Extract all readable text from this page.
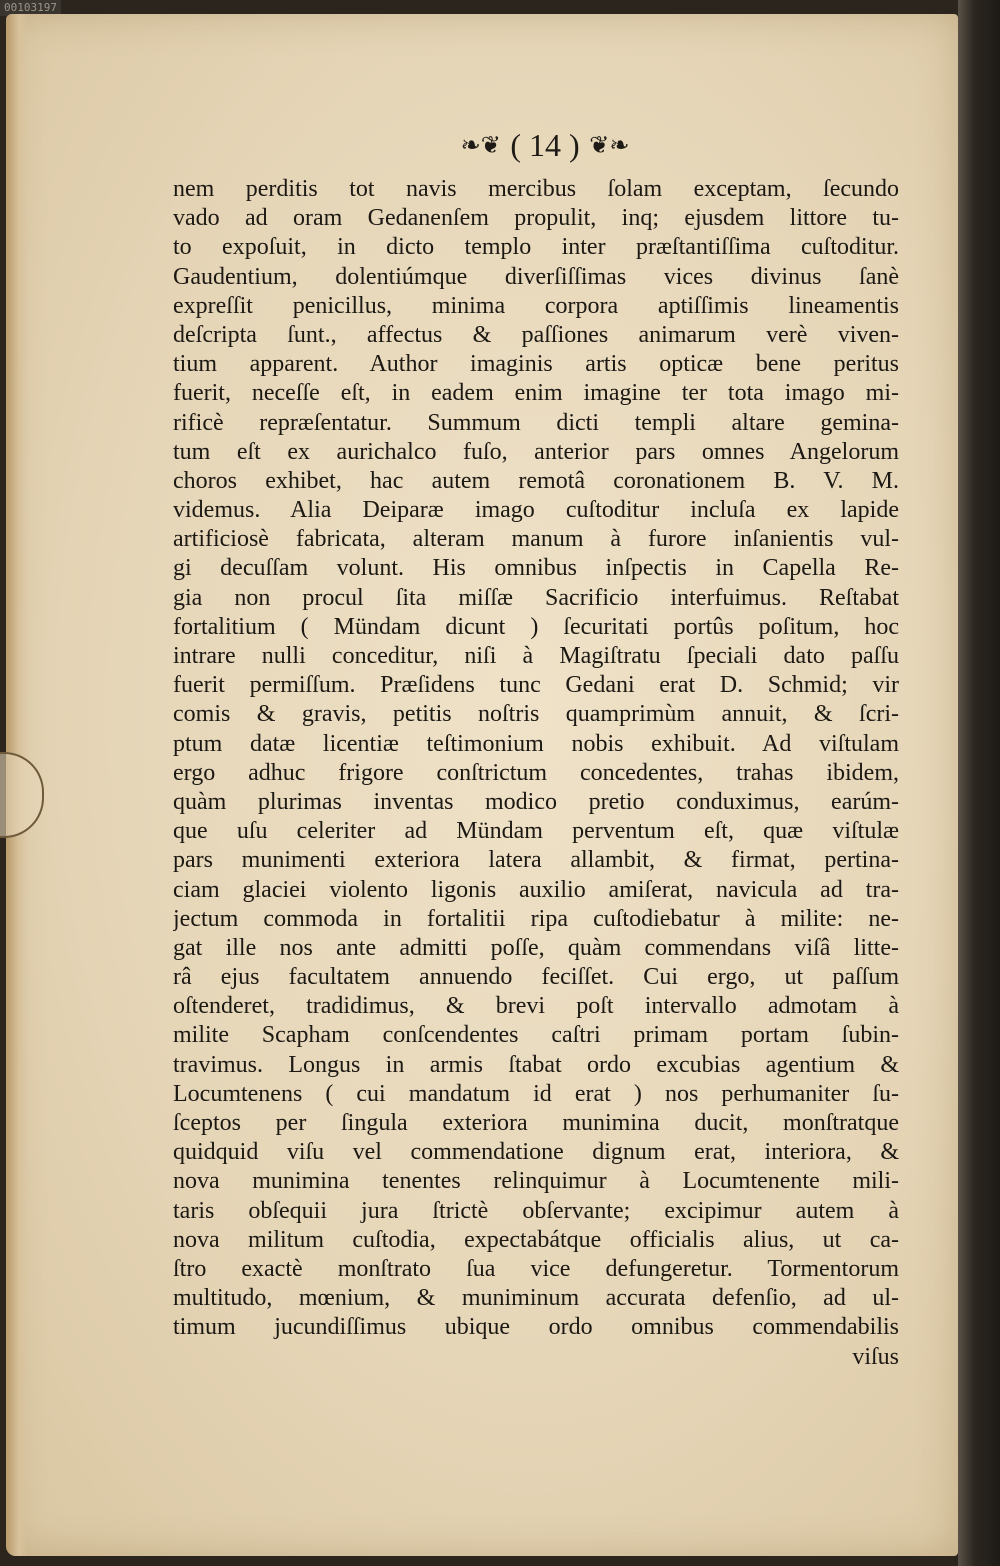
00103197
❧❦ ( 14 ) ❦❧
nem perditis tot navis mercibus ſolam exceptam, ſecundo
vado ad oram Gedanenſem propulit, inq; ejusdem littore tu-
to expoſuit, in dicto templo inter præſtantiſſima cuſtoditur.
Gaudentium, dolentiúmque diverſiſſimas vices divinus ſanè
expreſſit penicillus, minima corpora aptiſſimis lineamentis
deſcripta ſunt., affectus & paſſiones animarum verè viven-
tium apparent. Author imaginis artis opticæ bene peritus
fuerit, neceſſe eſt, in eadem enim imagine ter tota imago mi-
rificè repræſentatur. Summum dicti templi altare gemina-
tum eſt ex aurichalco fuſo, anterior pars omnes Angelorum
choros exhibet, hac autem remotâ coronationem B. V. M.
videmus. Alia Deiparæ imago cuſtoditur incluſa ex lapide
artificiosè fabricata, alteram manum à furore inſanientis vul-
gi decuſſam volunt. His omnibus inſpectis in Capella Re-
gia non procul ſita miſſæ Sacrificio interfuimus. Reſtabat
fortalitium ( Mündam dicunt ) ſecuritati portûs poſitum, hoc
intrare nulli conceditur, niſi à Magiſtratu ſpeciali dato paſſu
fuerit permiſſum. Præſidens tunc Gedani erat D. Schmid; vir
comis & gravis, petitis noſtris quamprimùm annuit, & ſcri-
ptum datæ licentiæ teſtimonium nobis exhibuit. Ad viſtulam
ergo adhuc frigore conſtrictum concedentes, trahas ibidem,
quàm plurimas inventas modico pretio conduximus, earúm-
que uſu celeriter ad Mündam perventum eſt, quæ viſtulæ
pars munimenti exteriora latera allambit, & firmat, pertina-
ciam glaciei violento ligonis auxilio amiſerat, navicula ad tra-
jectum commoda in fortalitii ripa cuſtodiebatur à milite: ne-
gat ille nos ante admitti poſſe, quàm commendans viſâ litte-
râ ejus facultatem annuendo feciſſet. Cui ergo, ut paſſum
oſtenderet, tradidimus, & brevi poſt intervallo admotam à
milite Scapham conſcendentes caſtri primam portam ſubin-
travimus. Longus in armis ſtabat ordo excubias agentium &
Locumtenens ( cui mandatum id erat ) nos perhumaniter ſu-
ſceptos per ſingula exteriora munimina ducit, monſtratque
quidquid viſu vel commendatione dignum erat, interiora, &
nova munimina tenentes relinquimur à Locumtenente mili-
taris obſequii jura ſtrictè obſervante; excipimur autem à
nova militum cuſtodia, expectabátque officialis alius, ut ca-
ſtro exactè monſtrato ſua vice defungeretur. Tormentorum
multitudo, mœnium, & muniminum accurata defenſio, ad ul-
timum jucundiſſimus ubique ordo omnibus commendabilis
viſus
